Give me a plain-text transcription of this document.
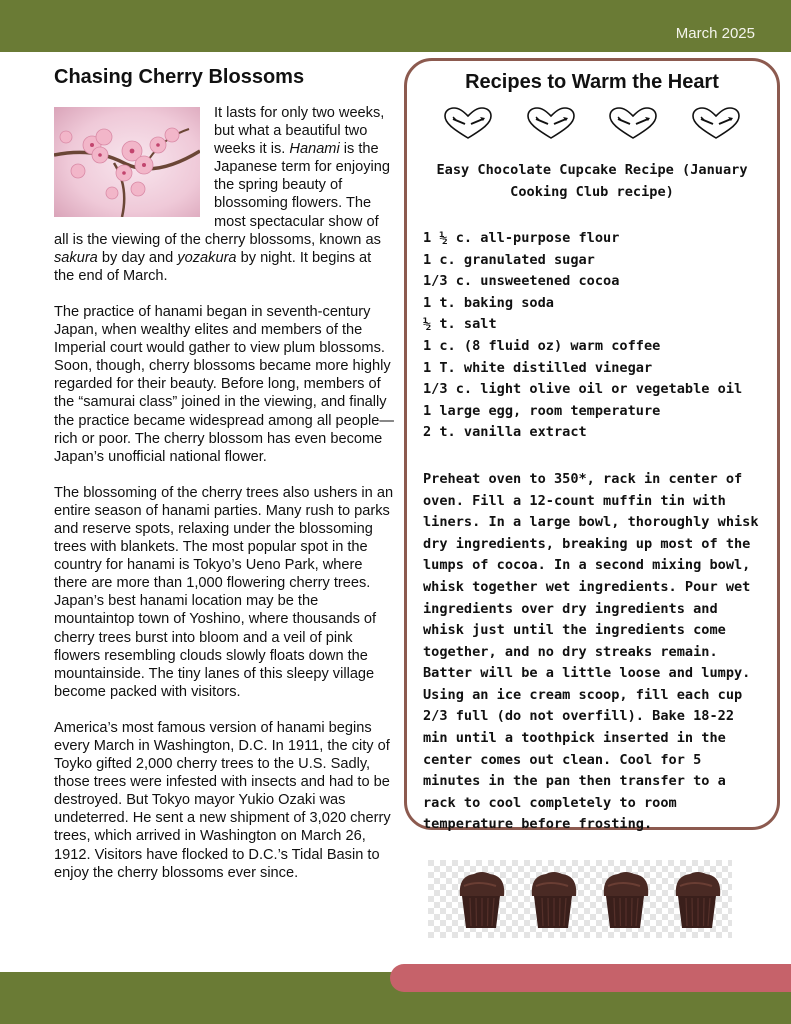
March 2025
Chasing Cherry Blossoms

It lasts for only two weeks, but what a beautiful two weeks it is. Hanami is the Japanese term for enjoying the spring beauty of blossoming flowers. The most spectacular show of all is the viewing of the cherry blossoms, known as sakura by day and yozakura by night. It begins at the end of March.

The practice of hanami began in seventh-century Japan, when wealthy elites and members of the Imperial court would gather to view plum blossoms. Soon, though, cherry blossoms became more highly regarded for their beauty. Before long, members of the “samurai class” joined in the viewing, and finally the practice became widespread among all people—rich or poor. The cherry blossom has even become Japan’s unofficial national flower.

The blossoming of the cherry trees also ushers in an entire season of hanami parties. Many rush to parks and reserve spots, relaxing under the blossoming trees with blankets. The most popular spot in the country for hanami is Tokyo’s Ueno Park, where there are more than 1,000 flowering cherry trees. Japan’s best hanami location may be the mountaintop town of Yoshino, where thousands of cherry trees burst into bloom and a veil of pink flowers resembling clouds slowly floats down the mountainside. The tiny lanes of this sleepy village become packed with visitors.

America’s most famous version of hanami begins every March in Washington, D.C. In 1911, the city of Toyko gifted 2,000 cherry trees to the U.S. Sadly, those trees were infested with insects and had to be destroyed. But Tokyo mayor Yukio Ozaki was undeterred. He sent a new shipment of 3,020 cherry trees, which arrived in Washington on March 26, 1912. Visitors have flocked to D.C.’s Tidal Basin to enjoy the cherry blossoms ever since.

Recipes to Warm the Heart
Easy Chocolate Cupcake Recipe (January Cooking Club recipe)
1 ½ c. all-purpose flour
1 c. granulated sugar
1/3 c. unsweetened cocoa
1 t. baking soda
½ t. salt
1 c. (8 fluid oz) warm coffee
1 T. white distilled vinegar
1/3 c. light olive oil or vegetable oil
1 large egg, room temperature
2 t. vanilla extract

Preheat oven to 350*, rack in center of oven. Fill a 12-count muffin tin with liners. In a large bowl, thoroughly whisk dry ingredients, breaking up most of the lumps of cocoa. In a second mixing bowl, whisk together wet ingredients. Pour wet ingredients over dry ingredients and whisk just until the ingredients come together, and no dry streaks remain. Batter will be a little loose and lumpy. Using an ice cream scoop, fill each cup 2/3 full (do not overfill). Bake 18-22 min until a toothpick inserted in the center comes out clean. Cool for 5 minutes in the pan then transfer to a rack to cool completely to room temperature before frosting.
